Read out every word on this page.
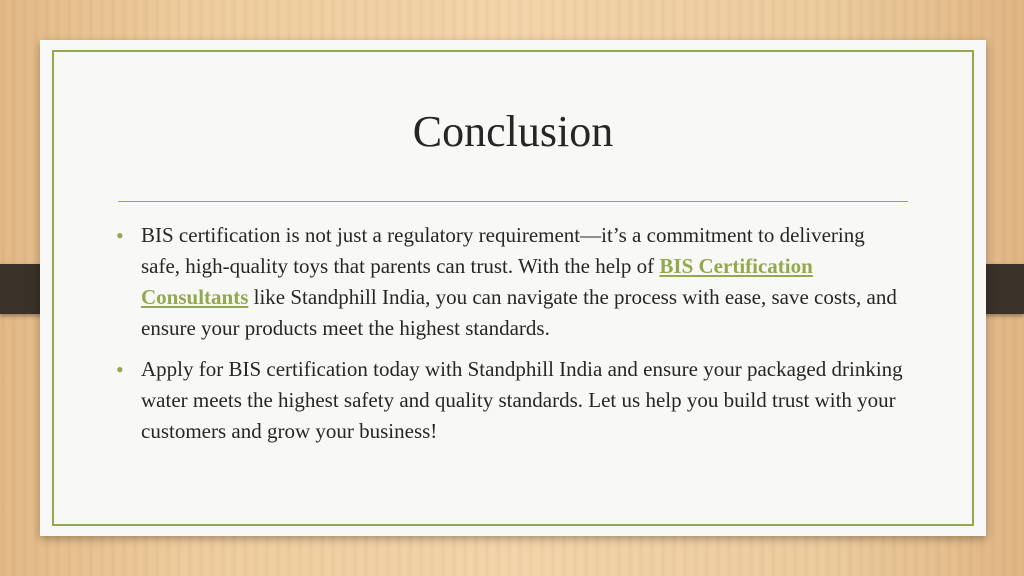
Conclusion
• BIS certification is not just a regulatory requirement—it’s a commitment to delivering safe, high-quality toys that parents can trust. With the help of BIS Certification Consultants like Standphill India, you can navigate the process with ease, save costs, and ensure your products meet the highest standards.
• Apply for BIS certification today with Standphill India and ensure your packaged drinking water meets the highest safety and quality standards. Let us help you build trust with your customers and grow your business!
